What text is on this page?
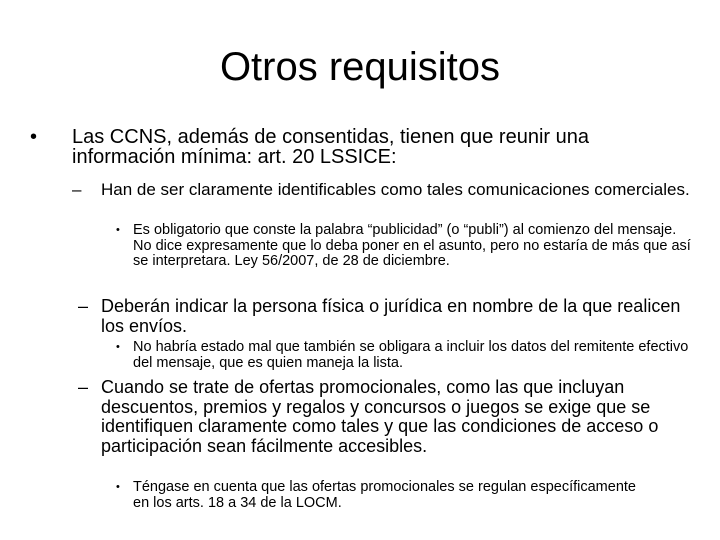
Otros requisitos
• Las CCNS, además de consentidas, tienen que reunir una información mínima: art. 20 LSSICE:

– Han de ser claramente identificables como tales comunicaciones comerciales.

• Es obligatorio que conste la palabra “publicidad” (o “publi”) al comienzo del mensaje. No dice expresamente que lo deba poner en el asunto, pero no estaría de más que así se interpretara. Ley 56/2007, de 28 de diciembre.

– Deberán indicar la persona física o jurídica en nombre de la que realicen los envíos.

• No habría estado mal que también se obligara a incluir los datos del remitente efectivo del mensaje, que es quien maneja la lista.

– Cuando se trate de ofertas promocionales, como las que incluyan descuentos, premios y regalos y concursos o juegos se exige que se identifiquen claramente como tales y que las condiciones de acceso o participación sean fácilmente accesibles.

• Téngase en cuenta que las ofertas promocionales se regulan específicamente en los arts. 18 a 34 de la LOCM.
